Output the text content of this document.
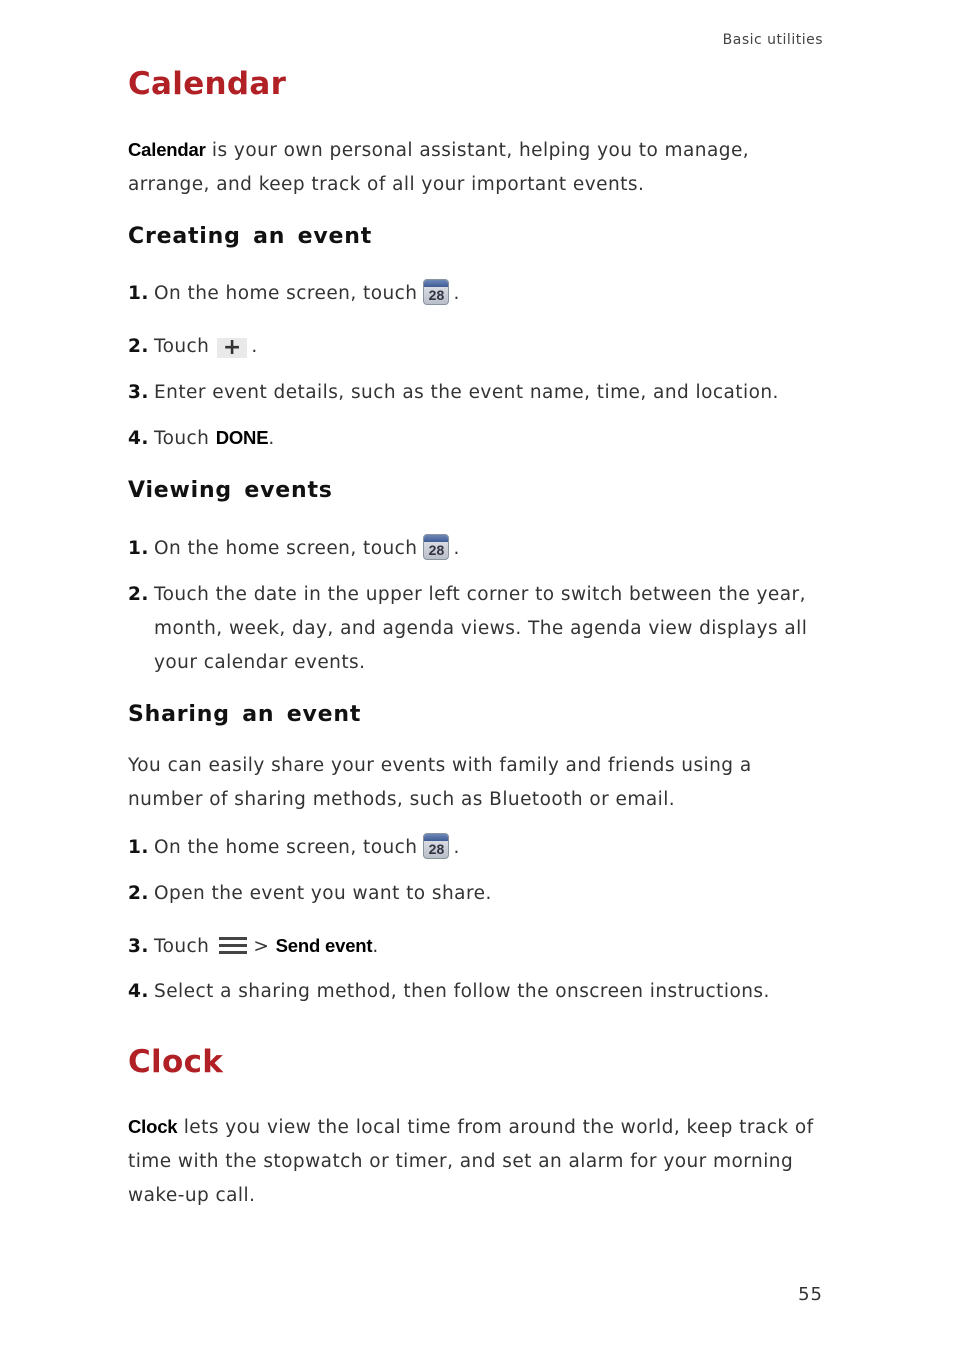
Basic utilities
Calendar
Calendar is your own personal assistant, helping you to manage, arrange, and keep track of all your important events.
Creating an event
1. On the home screen, touch 28 .
2. Touch + .
3. Enter event details, such as the event name, time, and location.
4. Touch DONE.
Viewing events
1. On the home screen, touch 28 .
2. Touch the date in the upper left corner to switch between the year, month, week, day, and agenda views. The agenda view displays all your calendar events.
Sharing an event
You can easily share your events with family and friends using a number of sharing methods, such as Bluetooth or email.
1. On the home screen, touch 28 .
2. Open the event you want to share.
3. Touch > Send event.
4. Select a sharing method, then follow the onscreen instructions.
Clock
Clock lets you view the local time from around the world, keep track of time with the stopwatch or timer, and set an alarm for your morning wake-up call.
55
